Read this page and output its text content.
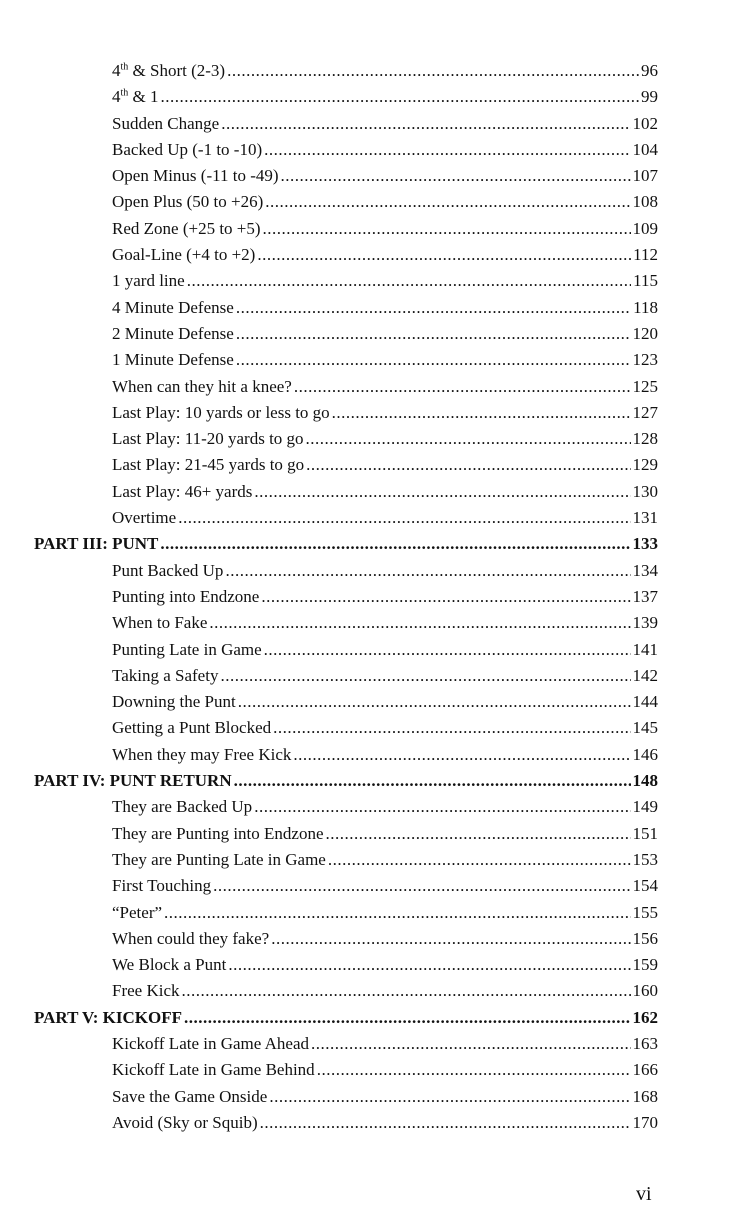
4th & Short (2-3) .....	96
4th & 1 .....	99
Sudden Change .....	102
Backed Up (-1 to -10) .....	104
Open Minus (-11 to -49) .....	107
Open Plus (50 to +26) .....	108
Red Zone (+25 to +5) .....	109
Goal-Line (+4 to +2) .....	112
1 yard line .....	115
4 Minute Defense .....	118
2 Minute Defense .....	120
1 Minute Defense .....	123
When can they hit a knee? .....	125
Last Play: 10 yards or less to go .....	127
Last Play: 11-20 yards to go .....	128
Last Play: 21-45 yards to go .....	129
Last Play: 46+ yards .....	130
Overtime .....	131
PART III: PUNT .....	133
Punt Backed Up .....	134
Punting into Endzone .....	137
When to Fake .....	139
Punting Late in Game .....	141
Taking a Safety .....	142
Downing the Punt .....	144
Getting a Punt Blocked .....	145
When they may Free Kick .....	146
PART IV: PUNT RETURN .....	148
They are Backed Up .....	149
They are Punting into Endzone .....	151
They are Punting Late in Game .....	153
First Touching .....	154
“Peter” .....	155
When could they fake? .....	156
We Block a Punt .....	159
Free Kick .....	160
PART V: KICKOFF .....	162
Kickoff Late in Game Ahead .....	163
Kickoff Late in Game Behind .....	166
Save the Game Onside .....	168
Avoid (Sky or Squib) .....	170
vi
